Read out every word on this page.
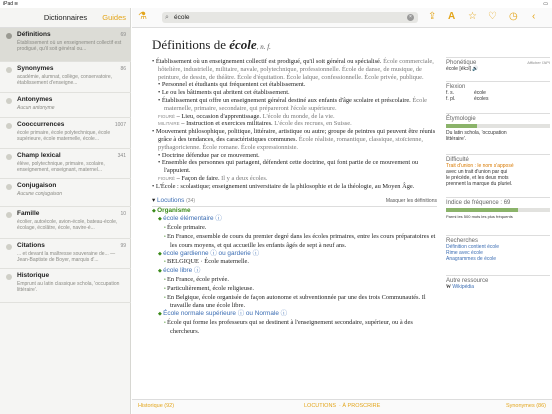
iPad ≋	▭
Dictionnaires	Guides
Définitions	69
Établissement où un enseignement collectif est prodigué, qu'il soit général ou...
Synonymes	86
académie, alumnat, collège, conservatoire, établissement d'enseigne...
Antonymes
Aucun antonyme
Cooccurrences	1007
école primaire, école polytechnique, école supérieure, école maternelle, école...
Champ lexical	341
élève, polytechnique, primaire, scolaire, enseignement, enseignant, maternel...
Conjugaison
Aucune conjugaison
Famille	10
écolier, autoécole, avion-école, bateau-école, écolage, écolâtre, école, navire-é...
Citations	99
... et devant la maîtresse souveraine de... — Jean-Baptiste de Boyer, marquis d'...
Historique
Emprunt au latin classique schola, 'occupation littéraire'.
⚗	⌕ école	× ⇪ A ☆ ♡ ◷ ‹
Définitions de école, n. f.

• Établissement où un enseignement collectif est prodigué, qu'il soit général ou spécialisé. École commerciale, hôtelière, industrielle, militaire, navale, polytechnique, professionnelle. École de danse, de musique, de peinture, de dessin, de théâtre. École d'équitation. École laïque, confessionnelle. École privée, publique.

• Personnel et étudiants qui fréquentent cet établissement.

• Le ou les bâtiments qui abritent cet établissement.

• Établissement qui offre un enseignement général destiné aux enfants d'âge scolaire et préscolaire. École maternelle, primaire, secondaire, qui prépareront l'école supérieure.

FIGURÉ – Lieu, occasion d'apprentissage. L'école du monde, de la vie.

MILITAIRE – Instruction et exercices militaires. L'école des recrues, en Suisse.

• Mouvement philosophique, politique, littéraire, artistique ou autre; groupe de peintres qui peuvent être réunis grâce à des tendances, des caractéristiques communes. École réaliste, romantique, classique, stoïcienne, pythagoricienne. École romane. École expressionniste.

• Doctrine défendue par ce mouvement.

• Ensemble des personnes qui partagent, défendent cette doctrine, qui font partie de ce mouvement ou l'appuient.

FIGURÉ – Façon de faire. Il y a deux écoles.

• L'École : scolastique; enseignement universitaire de la philosophie et de la théologie, au Moyen Âge.

▾ Locutions (34)	Masquer les définitions

◆ Organisme

◆ école élémentaire ⓘ

• École primaire.

• En France, ensemble de cours du premier degré dans les écoles primaires, entre les cours préparatoires et les cours moyens, et qui accueille les enfants âgés de sept à neuf ans.

◆ école gardienne ⓘ ou garderie ⓘ

• BELGIQUE · École maternelle.

◆ école libre ⓘ

• En France, école privée.

• Particulièrement, école religieuse.

• En Belgique, école organisée de façon autonome et subventionnée par une des trois Communautés. Il travaille dans une école libre.

◆ École normale supérieure ⓘ ou Normale ⓘ

• École qui forme les professeurs qui se destinent à l'enseignement secondaire, supérieur, ou à des chercheurs.

Phonétique	Afficher l'API
école [ékɔl] 🔊
Flexion
f. s.	école
f. pl.	écoles
Étymologie
Du latin schola, 'occupation
littéraire'.
Difficulté
Trait d'union : le nom s'apposé
avec un trait d'union par qui
le précède, et les deux mots
prennent la marque du pluriel.
Indice de fréquence : 69
Parmi les 500 mots les plus fréquents
Recherches
Définition contient école
Rime avec école
Anagrammes de école
Autre ressource
W Wikipédia
Historique (92)	LOCUTIONS · À PROSCRIRE	Synonymes (86)
